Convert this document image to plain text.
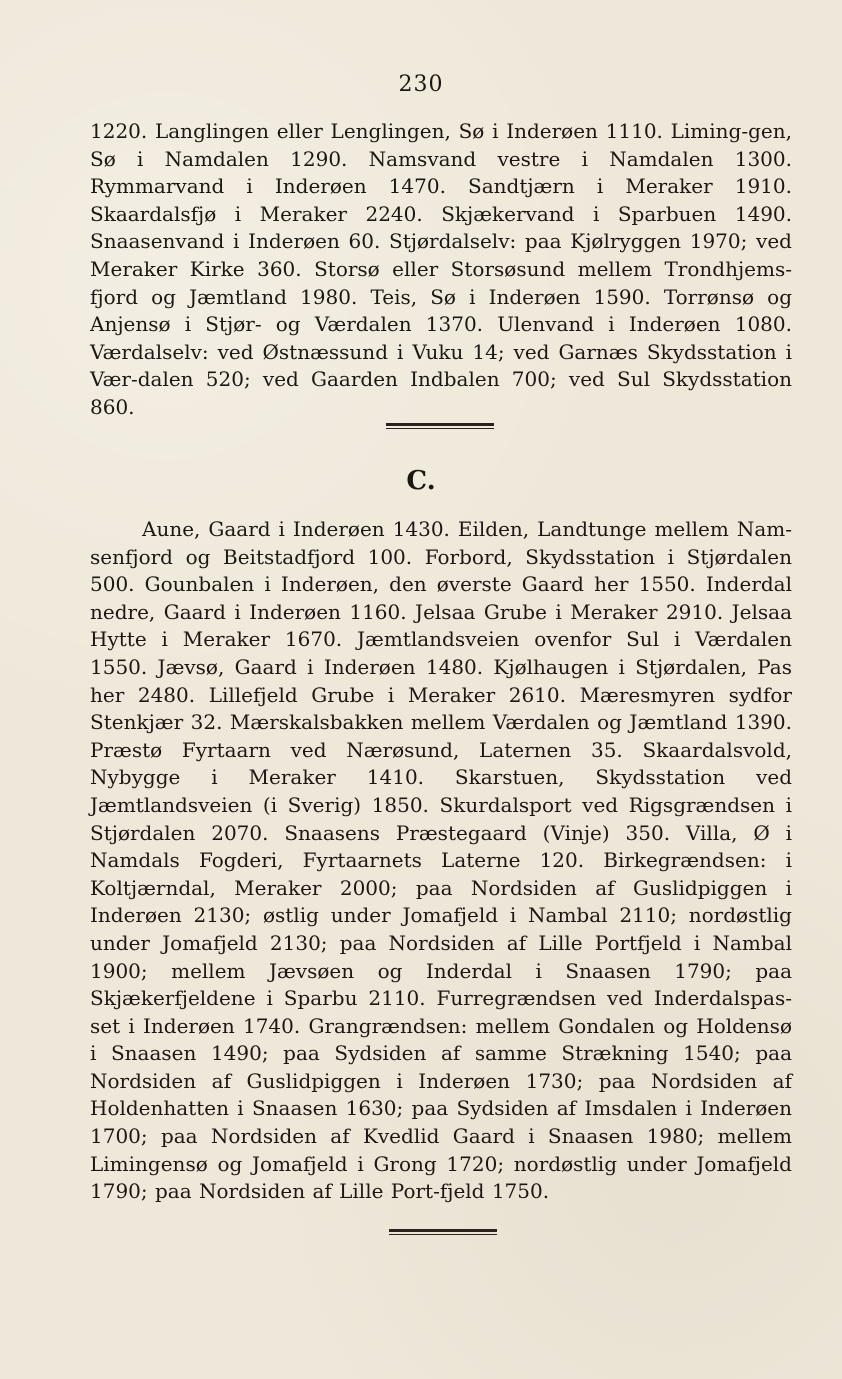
230

1220. Langlingen eller Lenglingen, Sø i Inderøen 1110. Liming-gen, Sø i Namdalen 1290. Namsvand vestre i Namdalen 1300. Rymmarvand i Inderøen 1470. Sandtjærn i Meraker 1910. Skaardalsfjø i Meraker 2240. Skjækervand i Sparbuen 1490. Snaasenvand i Inderøen 60. Stjørdalselv: paa Kjølryggen 1970; ved Meraker Kirke 360. Storsø eller Storsøsund mellem Trondhjems-fjord og Jæmtland 1980. Teis, Sø i Inderøen 1590. Torrønsø og Anjensø i Stjør- og Værdalen 1370. Ulenvand i Inderøen 1080. Værdalselv: ved Østnæssund i Vuku 14; ved Garnæs Skydsstation i Vær-dalen 520; ved Gaarden Indbalen 700; ved Sul Skydsstation 860.

C.

Aune, Gaard i Inderøen 1430. Eilden, Landtunge mellem Nam-senfjord og Beitstadfjord 100. Forbord, Skydsstation i Stjørdalen 500. Gounbalen i Inderøen, den øverste Gaard her 1550. Inderdal nedre, Gaard i Inderøen 1160. Jelsaa Grube i Meraker 2910. Jelsaa Hytte i Meraker 1670. Jæmtlandsveien ovenfor Sul i Værdalen 1550. Jævsø, Gaard i Inderøen 1480. Kjølhaugen i Stjørdalen, Pas her 2480. Lillefjeld Grube i Meraker 2610. Mæresmyren sydfor Stenkjær 32. Mærskalsbakken mellem Værdalen og Jæmtland 1390. Præstø Fyrtaarn ved Nærøsund, Laternen 35. Skaardalsvold, Nybygge i Meraker 1410. Skarstuen, Skydsstation ved Jæmtlandsveien (i Sverig) 1850. Skurdalsport ved Rigsgrændsen i Stjørdalen 2070. Snaasens Præstegaard (Vinje) 350. Villa, Ø i Namdals Fogderi, Fyrtaarnets Laterne 120. Birkegrændsen: i Koltjærndal, Meraker 2000; paa Nordsiden af Guslidpiggen i Inderøen 2130; østlig under Jomafjeld i Nambal 2110; nordøstlig under Jomafjeld 2130; paa Nordsiden af Lille Portfjeld i Nambal 1900; mellem Jævsøen og Inderdal i Snaasen 1790; paa Skjækerfjeldene i Sparbu 2110. Furregrændsen ved Inderdalspas-set i Inderøen 1740. Grangrændsen: mellem Gondalen og Holdensø i Snaasen 1490; paa Sydsiden af samme Strækning 1540; paa Nordsiden af Guslidpiggen i Inderøen 1730; paa Nordsiden af Holdenhatten i Snaasen 1630; paa Sydsiden af Imsdalen i Inderøen 1700; paa Nordsiden af Kvedlid Gaard i Snaasen 1980; mellem Limingensø og Jomafjeld i Grong 1720; nordøstlig under Jomafjeld 1790; paa Nordsiden af Lille Port-fjeld 1750.
